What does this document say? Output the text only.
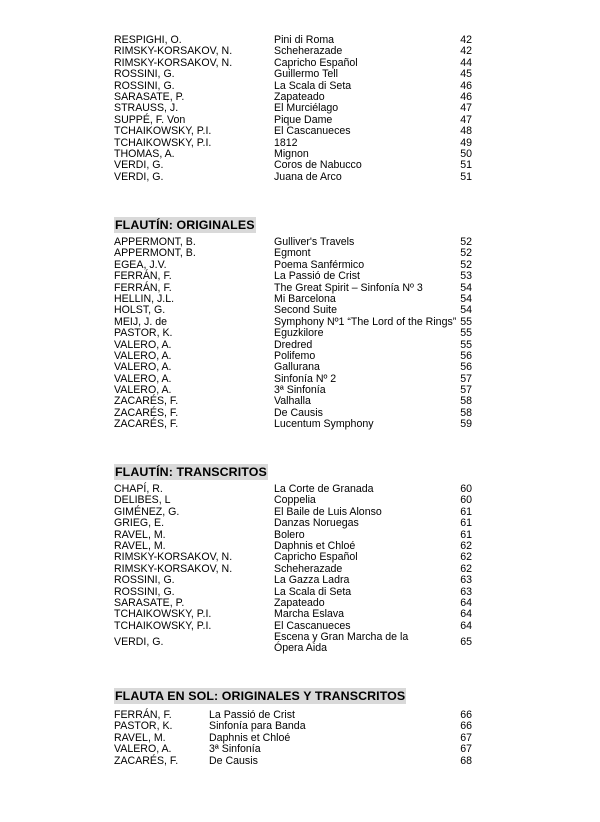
RESPIGHI, O.	Pini di Roma	42
RIMSKY-KORSAKOV, N.	Scheherazade	42
RIMSKY-KORSAKOV, N.	Capricho Español	44
ROSSINI, G.	Guillermo Tell	45
ROSSINI, G.	La Scala di Seta	46
SARASATE, P.	Zapateado	46
STRAUSS, J.	El Murciélago	47
SUPPÉ, F. Von	Pique Dame	47
TCHAIKOWSKY, P.I.	El Cascanueces	48
TCHAIKOWSKY, P.I.	1812	49
THOMAS, A.	Mignon	50
VERDI, G.	Coros de Nabucco	51
VERDI, G.	Juana de Arco	51
FLAUTÍN: ORIGINALES
APPERMONT, B.	Gulliver's Travels	52
APPERMONT, B.	Egmont	52
EGEA, J.V.	Poema Sanférmico	52
FERRÁN, F.	La Passió de Crist	53
FERRÁN, F.	The Great Spirit – Sinfonía Nº 3	54
HELLIN, J.L.	Mi Barcelona	54
HOLST, G.	Second Suite	54
MEIJ, J. de	Symphony Nº1 “The Lord of the Rings” 55
PASTOR, K.	Eguzkilore	55
VALERO, A.	Dredred	55
VALERO, A.	Polifemo	56
VALERO, A.	Gallurana	56
VALERO, A.	Sinfonía Nº 2	57
VALERO, A.	3ª Sinfonía	57
ZACARÉS, F.	Valhalla	58
ZACARÉS, F.	De Causis	58
ZACARÉS, F.	Lucentum Symphony	59
FLAUTÍN: TRANSCRITOS
CHAPÍ, R.	La Corte de Granada	60
DELIBES, L	Coppelia	60
GIMÉNEZ, G.	El Baile de Luis Alonso	61
GRIEG, E.	Danzas Noruegas	61
RAVEL, M.	Bolero	61
RAVEL, M.	Daphnis et Chloé	62
RIMSKY-KORSAKOV, N.	Capricho Español	62
RIMSKY-KORSAKOV, N.	Scheherazade	62
ROSSINI, G.	La Gazza Ladra	63
ROSSINI, G.	La Scala di Seta	63
SARASATE, P.	Zapateado	64
TCHAIKOWSKY, P.I.	Marcha Eslava	64
TCHAIKOWSKY, P.I.	El Cascanueces	64
VERDI, G.	Escena y Gran Marcha de la Ópera Aida	65
FLAUTA EN SOL: ORIGINALES Y TRANSCRITOS
FERRÁN, F.	La Passió de Crist	66
PASTOR, K.	Sinfonía para Banda	66
RAVEL, M.	Daphnis et Chloé	67
VALERO, A.	3ª Sinfonía	67
ZACARÉS, F.	De Causis	68
